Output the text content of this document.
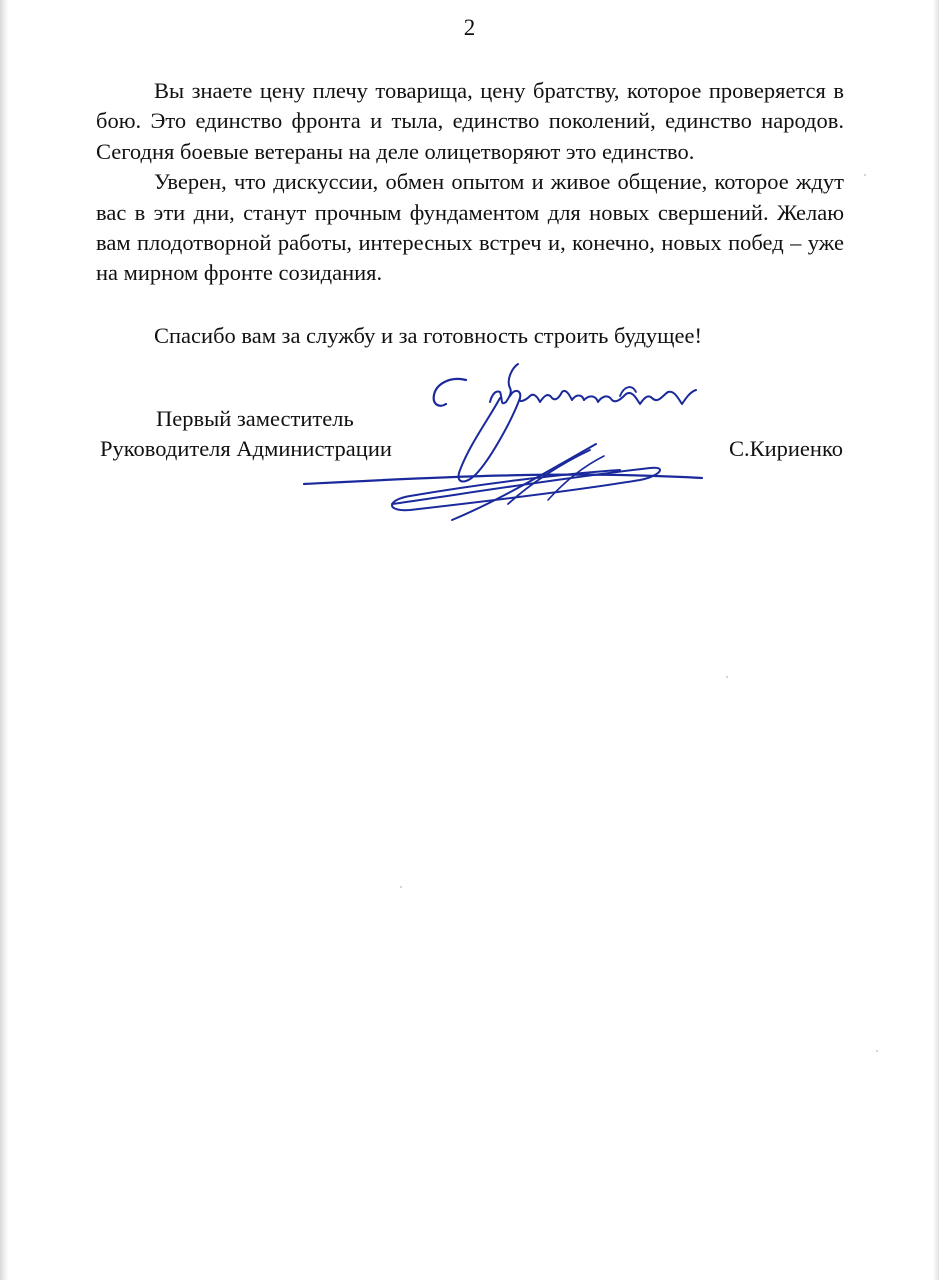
2

Вы знаете цену плечу товарища, цену братству, которое проверяется в бою. Это единство фронта и тыла, единство поколений, единство народов. Сегодня боевые ветераны на деле олицетворяют это единство.

Уверен, что дискуссии, обмен опытом и живое общение, которое ждут вас в эти дни, станут прочным фундаментом для новых свершений. Желаю вам плодотворной работы, интересных встреч и, конечно, новых побед – уже на мирном фронте созидания.

Спасибо вам за службу и за готовность строить будущее!

Первый заместитель
Руководителя Администрации	С.Кириенко
